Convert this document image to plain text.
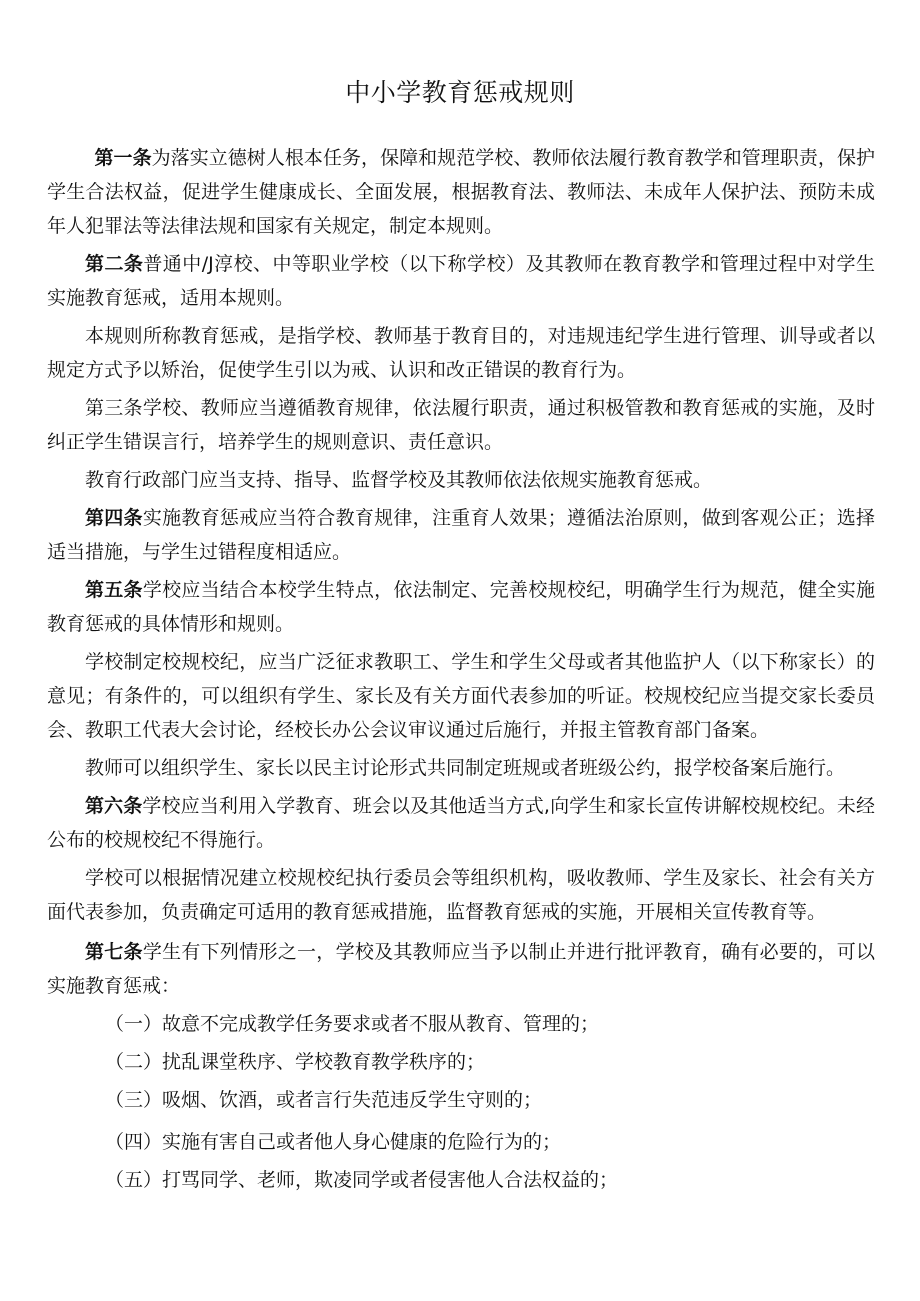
中小学教育惩戒规则

第一条为落实立德树人根本任务，保障和规范学校、教师依法履行教育教学和管理职责，保护学生合法权益，促进学生健康成长、全面发展，根据教育法、教师法、未成年人保护法、预防未成年人犯罪法等法律法规和国家有关规定，制定本规则。

第二条普通中/J淳校、中等职业学校（以下称学校）及其教师在教育教学和管理过程中对学生实施教育惩戒，适用本规则。

本规则所称教育惩戒，是指学校、教师基于教育目的，对违规违纪学生进行管理、训导或者以规定方式予以矫治，促使学生引以为戒、认识和改正错误的教育行为。

第三条学校、教师应当遵循教育规律，依法履行职责，通过积极管教和教育惩戒的实施，及时纠正学生错误言行，培养学生的规则意识、责任意识。

教育行政部门应当支持、指导、监督学校及其教师依法依规实施教育惩戒。

第四条实施教育惩戒应当符合教育规律，注重育人效果；遵循法治原则，做到客观公正；选择适当措施，与学生过错程度相适应。

第五条学校应当结合本校学生特点，依法制定、完善校规校纪，明确学生行为规范，健全实施教育惩戒的具体情形和规则。

学校制定校规校纪，应当广泛征求教职工、学生和学生父母或者其他监护人（以下称家长）的意见；有条件的，可以组织有学生、家长及有关方面代表参加的听证。校规校纪应当提交家长委员会、教职工代表大会讨论，经校长办公会议审议通过后施行，并报主管教育部门备案。

教师可以组织学生、家长以民主讨论形式共同制定班规或者班级公约，报学校备案后施行。

第六条学校应当利用入学教育、班会以及其他适当方式,向学生和家长宣传讲解校规校纪。未经公布的校规校纪不得施行。

学校可以根据情况建立校规校纪执行委员会等组织机构，吸收教师、学生及家长、社会有关方面代表参加，负责确定可适用的教育惩戒措施，监督教育惩戒的实施，开展相关宣传教育等。

第七条学生有下列情形之一，学校及其教师应当予以制止并进行批评教育，确有必要的，可以实施教育惩戒：

（一）故意不完成教学任务要求或者不服从教育、管理的；
（二）扰乱课堂秩序、学校教育教学秩序的；
（三）吸烟、饮酒，或者言行失范违反学生守则的；
（四）实施有害自己或者他人身心健康的危险行为的；
（五）打骂同学、老师，欺凌同学或者侵害他人合法权益的；
